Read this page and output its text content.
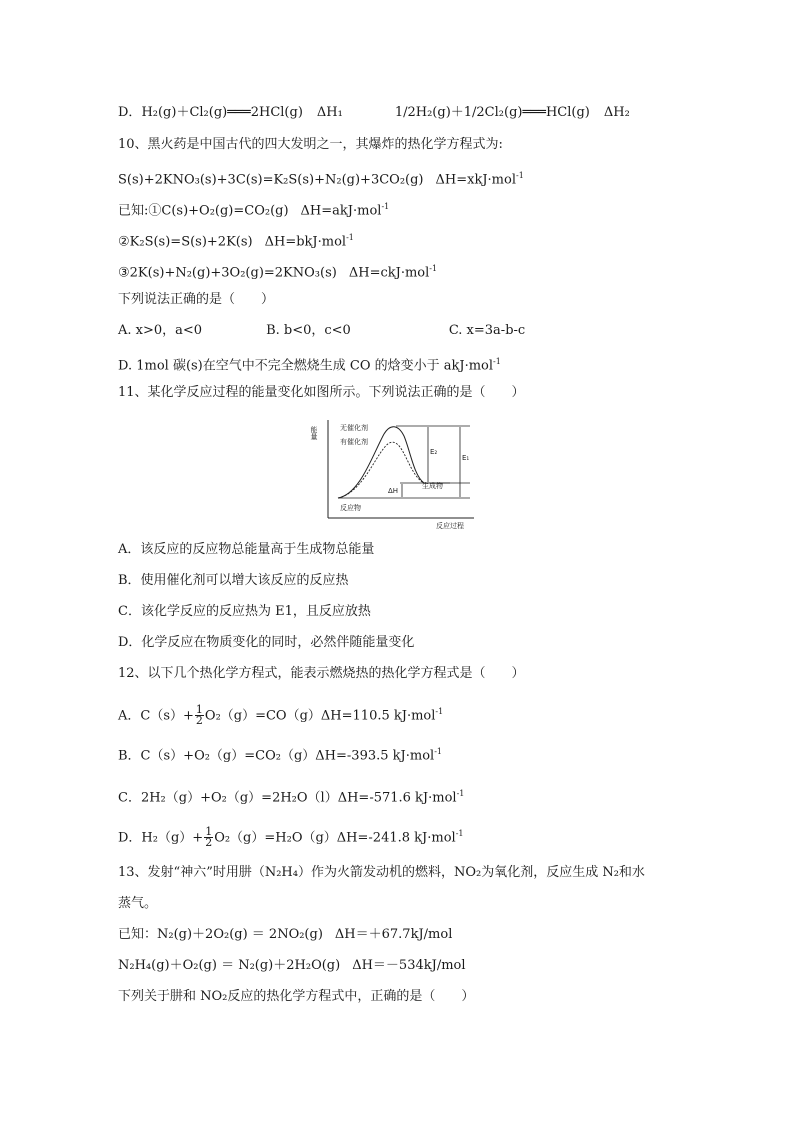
D．H₂(g)＋Cl₂(g)═══2HCl(g) ΔH₁	1/2H₂(g)＋1/2Cl₂(g)═══HCl(g) ΔH₂
10、黑火药是中国古代的四大发明之一，其爆炸的热化学方程式为:
S(s)+2KNO₃(s)+3C(s)=K₂S(s)+N₂(g)+3CO₂(g) ΔH=xkJ·mol$^{-1}$
已知:①C(s)+O₂(g)=CO₂(g) ΔH=akJ·mol$^{-1}$
②K₂S(s)=S(s)+2K(s) ΔH=bkJ·mol$^{-1}$
③2K(s)+N₂(g)+3O₂(g)=2KNO₃(s) ΔH=ckJ·mol$^{-1}$
下列说法正确的是（　　）
A. x>0，a<0	B. b<0，c<0	C. x=3a-b-c
D. 1mol 碳(s)在空气中不完全燃烧生成 CO 的焓变小于 akJ·mol$^{-1}$
11、某化学反应过程的能量变化如图所示。下列说法正确的是（　　）
能量
反应过程
无催化剂
有催化剂
E₂
E₁
生成物
ΔH
反应物
A．该反应的反应物总能量高于生成物总能量
B．使用催化剂可以增大该反应的反应热
C．该化学反应的反应热为 E1，且反应放热
D．化学反应在物质变化的同时，必然伴随能量变化
12、以下几个热化学方程式，能表示燃烧热的热化学方程式是（　　）
A．$C(s)+ \frac{1}{2} O_2(g)=CO(g)\Delta H=110.5$ kJ·mol$^{-1}$
B．C（s）+O₂（g）=CO₂（g）ΔH=-393.5 kJ·mol$^{-1}$
C．2H₂（g）+O₂（g）=2H₂O（l）ΔH=-571.6 kJ·mol$^{-1}$
D．$H_2(g)+ \frac{1}{2} O_2(g)=H_2O(g)\Delta H=-241.8$ kJ·mol$^{-1}$
13、发射“神六”时用肼（N₂H₄）作为火箭发动机的燃料，NO₂为氧化剂，反应生成 N₂和水
蒸气。
已知：N₂(g)＋2O₂(g) ＝ 2NO₂(g) ΔH＝＋67.7kJ/mol
N₂H₄(g)＋O₂(g) ＝ N₂(g)＋2H₂O(g) ΔH＝－534kJ/mol
下列关于肼和 NO₂反应的热化学方程式中，正确的是（　　）
